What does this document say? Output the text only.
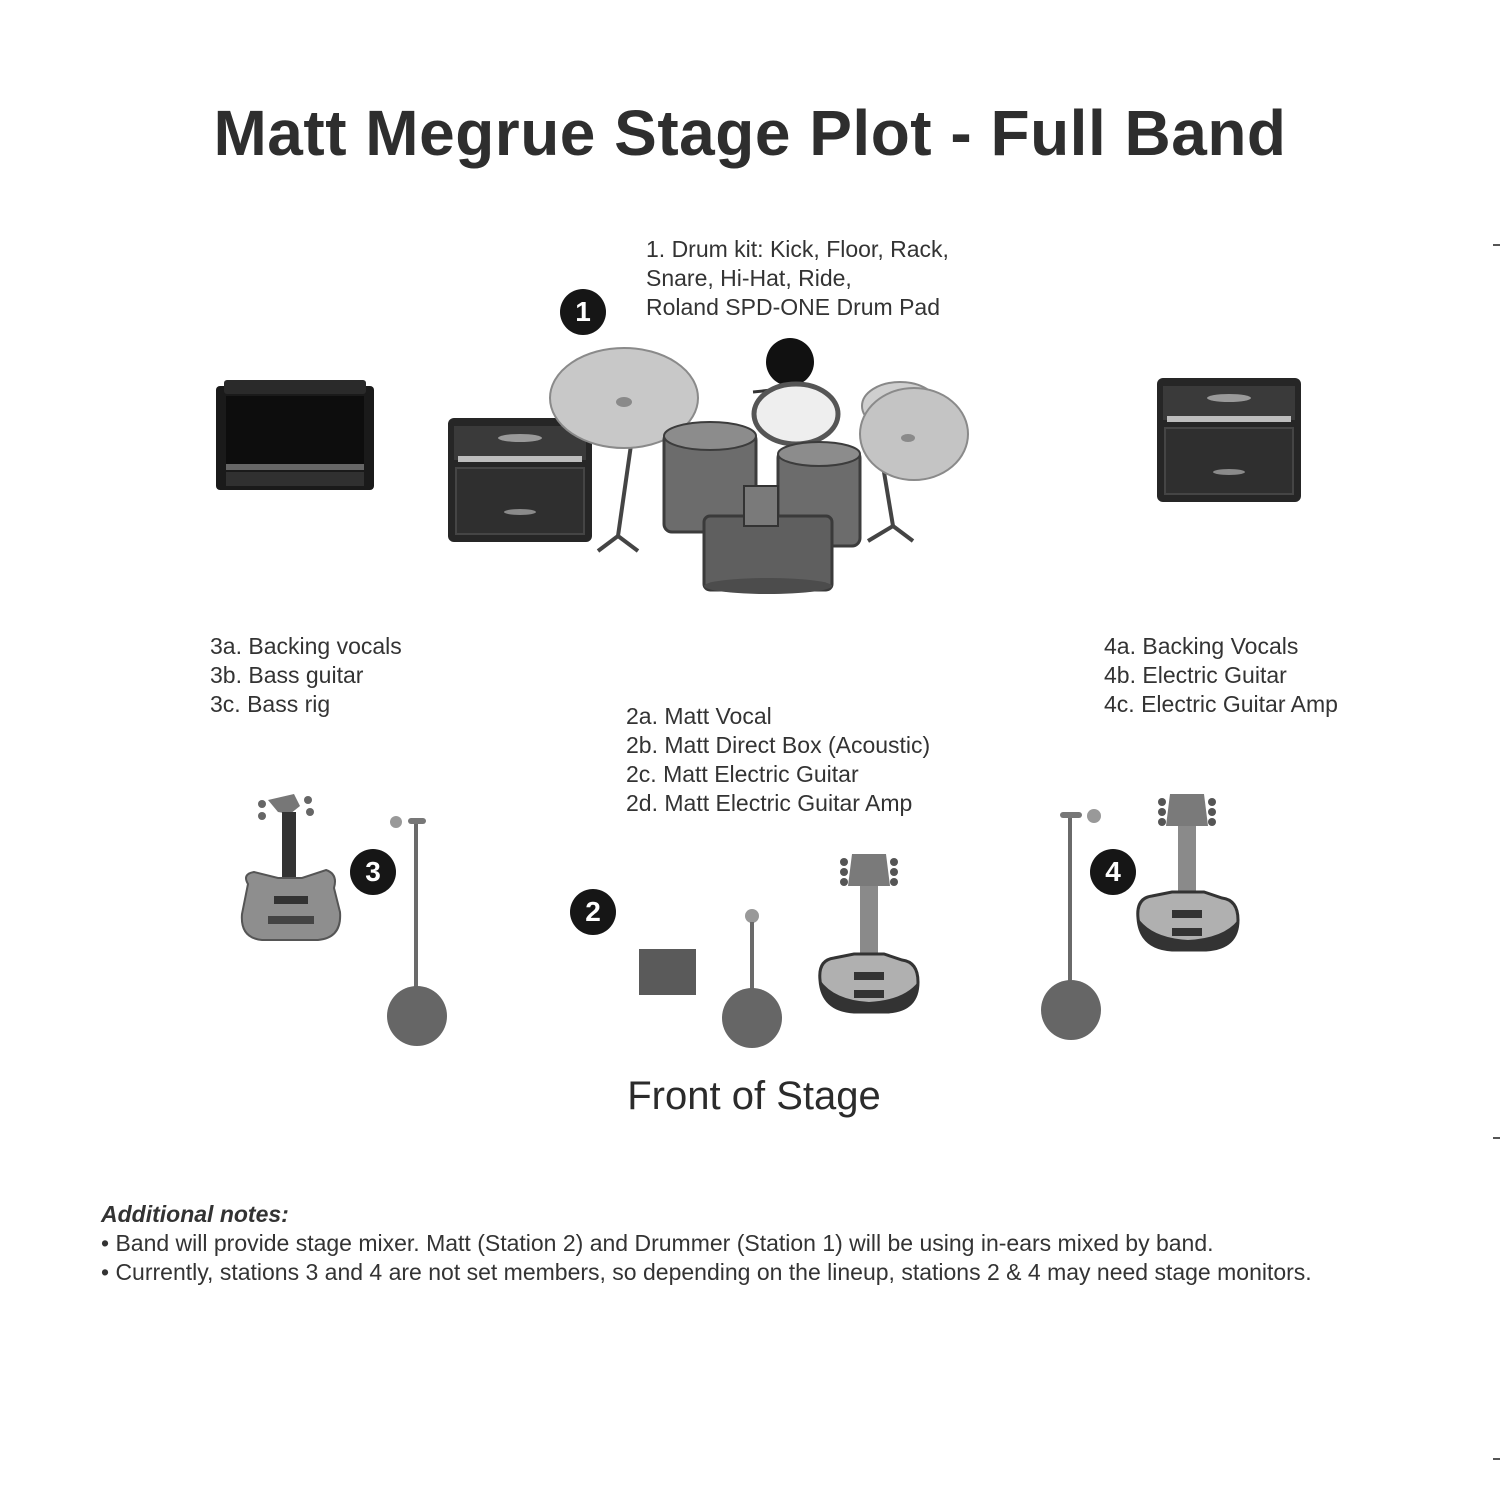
Matt Megrue Stage Plot - Full Band
1. Drum kit: Kick, Floor, Rack,
Snare, Hi-Hat, Ride,
Roland SPD-ONE Drum Pad
1
3a. Backing vocals
3b. Bass guitar
3c. Bass rig
4a. Backing Vocals
4b. Electric Guitar
4c. Electric Guitar Amp
2a. Matt Vocal
2b. Matt Direct Box (Acoustic)
2c. Matt Electric Guitar
2d. Matt Electric Guitar Amp
3
2
4
Front of Stage
Additional notes:
• Band will provide stage mixer. Matt (Station 2) and Drummer (Station 1) will be using in-ears mixed by band.
• Currently, stations 3 and 4 are not set members, so depending on the lineup, stations 2 & 4 may need stage monitors.
